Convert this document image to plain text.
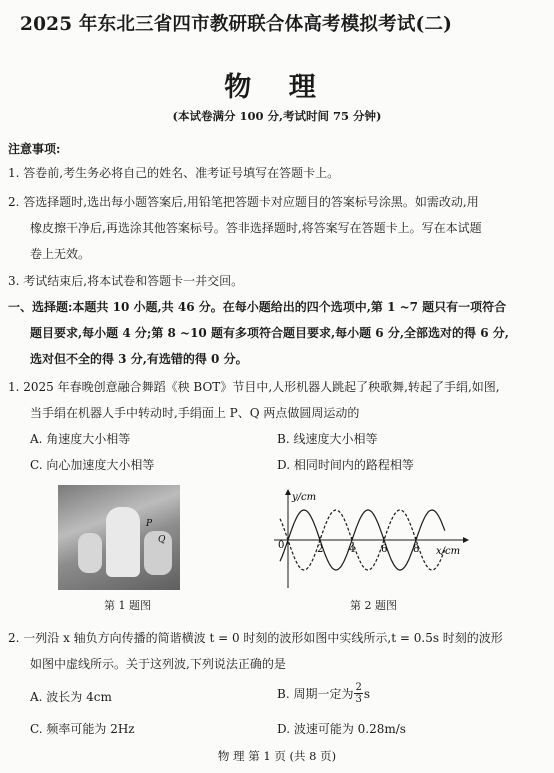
2025 年东北三省四市教研联合体高考模拟考试(二)
物 理
(本试卷满分 100 分,考试时间 75 分钟)
注意事项:
1. 答卷前,考生务必将自己的姓名、准考证号填写在答题卡上。
2. 答选择题时,选出每小题答案后,用铅笔把答题卡对应题目的答案标号涂黑。如需改动,用
橡皮擦干净后,再选涂其他答案标号。答非选择题时,将答案写在答题卡上。写在本试题
卷上无效。
3. 考试结束后,将本试卷和答题卡一并交回。
一、选择题:本题共 10 小题,共 46 分。在每小题给出的四个选项中,第 1 ~7 题只有一项符合
题目要求,每小题 4 分;第 8 ~10 题有多项符合题目要求,每小题 6 分,全部选对的得 6 分,
选对但不全的得 3 分,有选错的得 0 分。
1. 2025 年春晚创意融合舞蹈《秧 BOT》节目中,人形机器人跳起了秧歌舞,转起了手绢,如图,
当手绢在机器人手中转动时,手绢面上 P、Q 两点做圆周运动的
A. 角速度大小相等	B. 线速度大小相等
C. 向心加速度大小相等	D. 相同时间内的路程相等
P
Q
第 1 题图
2	4	6	8
y/cm
x/cm
0
第 2 题图
2. 一列沿 x 轴负方向传播的简谐横波 t = 0 时刻的波形如图中实线所示,t = 0.5s 时刻的波形
如图中虚线所示。关于这列波,下列说法正确的是
A. 波长为 4cm	B. 周期一定为 $\frac{2}{3}$ s
C. 频率可能为 2Hz	D. 波速可能为 0.28m/s
物 理 第 1 页 (共 8 页)
